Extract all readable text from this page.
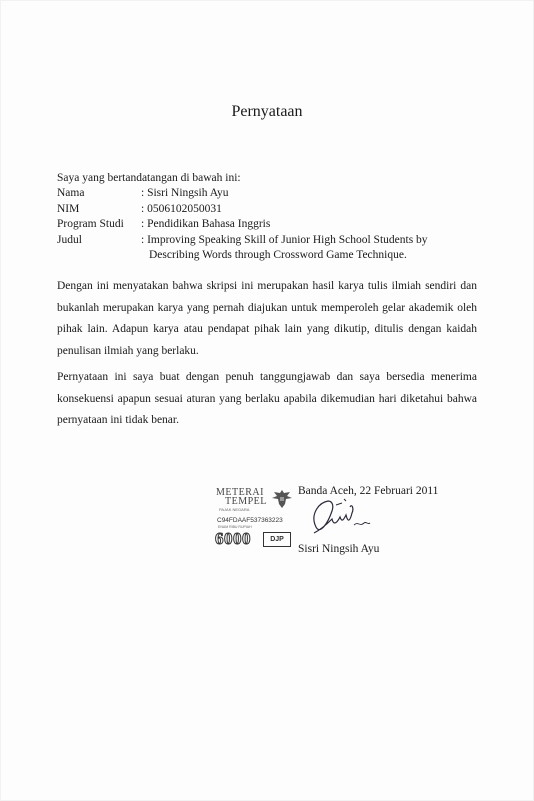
Pernyataan
Saya yang bertandatangan di bawah ini:
Nama	: Sisri Ningsih Ayu
NIM	: 0506102050031
Program Studi	: Pendidikan Bahasa Inggris
Judul	: Improving Speaking Skill of Junior High School Students by
Describing Words through Crossword Game Technique.

Dengan ini menyatakan bahwa skripsi ini merupakan hasil karya tulis ilmiah sendiri dan bukanlah merupakan karya yang pernah diajukan untuk memperoleh gelar akademik oleh pihak lain. Adapun karya atau pendapat pihak lain yang dikutip, ditulis dengan kaidah penulisan ilmiah yang berlaku.

Pernyataan ini saya buat dengan penuh tanggungjawab dan saya bersedia menerima konsekuensi apapun sesuai aturan yang berlaku apabila dikemudian hari diketahui bahwa pernyataan ini tidak benar.

Banda Aceh, 22 Februari 2011
METERAI
TEMPEL
PAJAK NEGARA
C94FDAAF537363223
ENAM RIBU RUPIAH
6000	DJP
Sisri Ningsih Ayu
